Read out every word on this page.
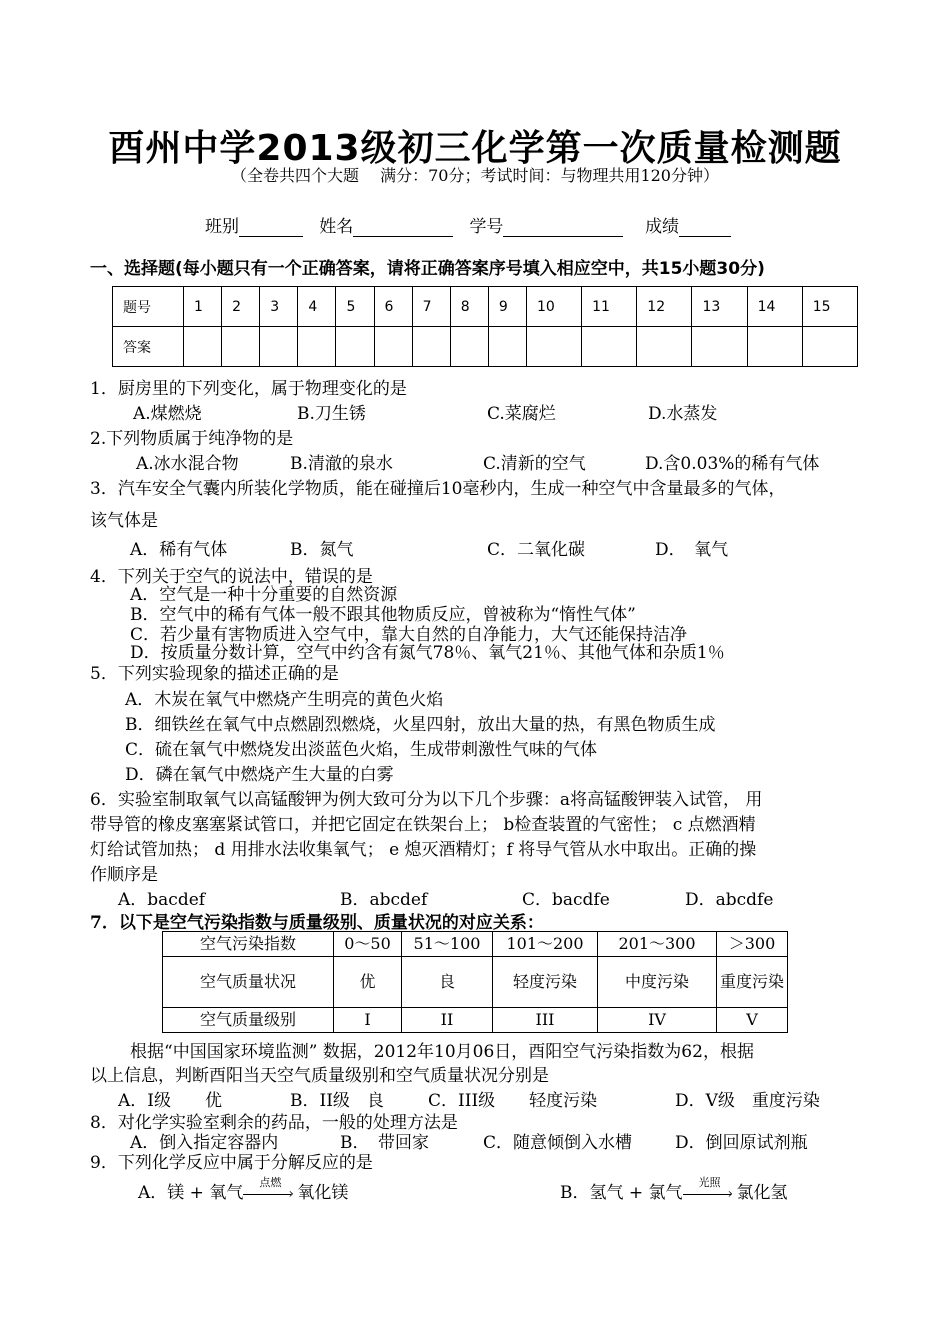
酉州中学2013级初三化学第一次质量检测题
（全卷共四个大题　 满分：70分；考试时间：与物理共用120分钟）
班别	姓名	学号	成绩
一、选择题(每小题只有一个正确答案，请将正确答案序号填入相应空中，共15小题30分)
题号	1	2	3	4	5	6	7	8	9	10	11	12	13	14	15
答案															
1．厨房里的下列变化，属于物理变化的是
A.煤燃烧	B.刀生锈	C.菜腐烂	D.水蒸发
2.下列物质属于纯净物的是
A.冰水混合物	B.清澈的泉水	C.清新的空气	D.含0.03%的稀有气体
3．汽车安全气囊内所装化学物质，能在碰撞后10毫秒内，生成一种空气中含量最多的气体，
该气体是
A．稀有气体	B．氮气	C．二氧化碳	D．　氧气
4．下列关于空气的说法中，错误的是
A．空气是一种十分重要的自然资源
B．空气中的稀有气体一般不跟其他物质反应，曾被称为“惰性气体”
C．若少量有害物质进入空气中，靠大自然的自净能力，大气还能保持洁净
D．按质量分数计算，空气中约含有氮气78％、氧气21％、其他气体和杂质1％
5．下列实验现象的描述正确的是
A．木炭在氧气中燃烧产生明亮的黄色火焰
B．细铁丝在氧气中点燃剧烈燃烧，火星四射，放出大量的热，有黑色物质生成
C．硫在氧气中燃烧发出淡蓝色火焰，生成带刺激性气味的气体
D．磷在氧气中燃烧产生大量的白雾
6．实验室制取氧气以高锰酸钾为例大致可分为以下几个步骤：a将高锰酸钾装入试管， 用
带导管的橡皮塞塞紧试管口，并把它固定在铁架台上； b检查装置的气密性； c 点燃酒精
灯给试管加热； d 用排水法收集氧气； e 熄灭酒精灯；f 将导气管从水中取出。正确的操
作顺序是
A．bacdef	B．abcdef	C．bacdfe	D．abcdfe
7．以下是空气污染指数与质量级别、质量状况的对应关系：
空气污染指数	0～50	51～100	101～200	201～300	＞300
空气质量状况	优	良	轻度污染	中度污染	重度污染
空气质量级别	I	II	III	IV	V
根据“中国国家环境监测” 数据，2012年10月06日，酉阳空气污染指数为62，根据
以上信息，判断酉阳当天空气质量级别和空气质量状况分别是
A．I级　　优	B．II级　良	C．III级　　轻度污染	D．V级　重度污染
8．对化学实验室剩余的药品，一般的处理方法是
A．倒入指定容器内	B．　带回家	C．随意倾倒入水槽	D．倒回原试剂瓶
9．下列化学反应中属于分解反应的是
A．镁 + 氧气
点燃
› 氧化镁	B．氢气 + 氯气
光照
› 氯化氢
